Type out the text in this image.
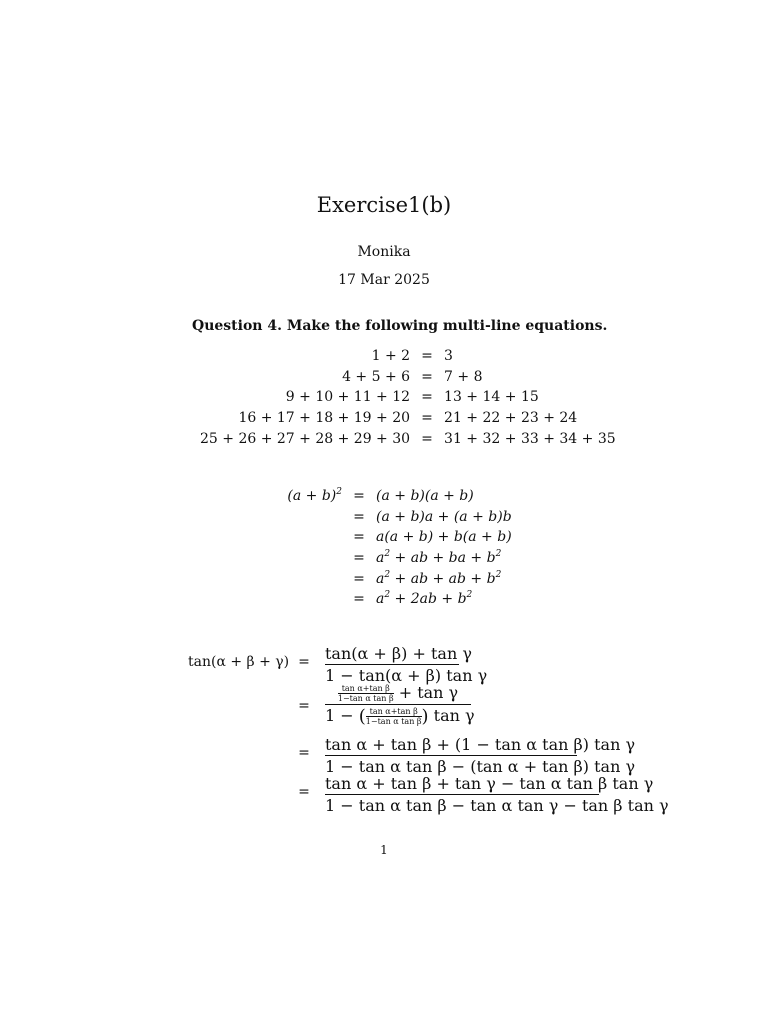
Exercise1(b)
Monika
17 Mar 2025
Question 4. Make the following multi-line equations.
1 + 2	=	3
4 + 5 + 6	=	7 + 8
9 + 10 + 11 + 12	=	13 + 14 + 15
16 + 17 + 18 + 19 + 20	=	21 + 22 + 23 + 24
25 + 26 + 27 + 28 + 29 + 30	=	31 + 32 + 33 + 34 + 35
$(a + b)^2$	=	(a + b)(a + b)
	=	(a + b)a + (a + b)b
	=	a(a + b) + b(a + b)
	=	$a^2$ + ab + ba + $b^2$
	=	$a^2$ + ab + ab + $b^2$
	=	$a^2 + 2ab + b^2$
tan(α + β + γ) = tan(α + β) + tan γ
1 − tan(α + β) tan γ
=
$\frac{\text{tan α+tan β}}{\text{1−tan α tan β}} + \tan \gamma$
1 − ( $\frac{\text{tan α+tan β}}{\text{1−tan α tan β}}$ ) tan γ
= tan α + tan β + (1 − tan α tan β) tan γ
1 − tan α tan β − (tan α + tan β) tan γ
= tan α + tan β + tan γ − tan α tan β tan γ
1 − tan α tan β − tan α tan γ − tan β tan γ
1
